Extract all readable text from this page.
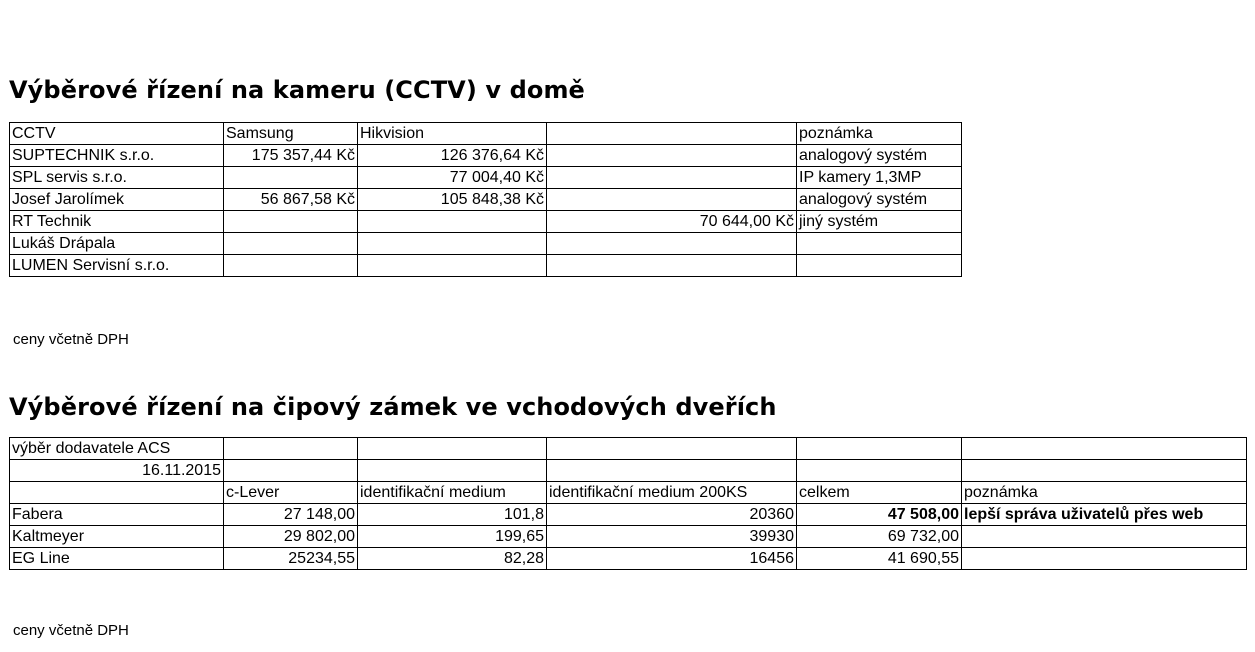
Výběrové řízení na kameru (CCTV) v domě
CCTV	Samsung	Hikvision		poznámka
SUPTECHNIK s.r.o.	175 357,44 Kč	126 376,64 Kč		analogový systém
SPL servis s.r.o.		77 004,40 Kč		IP kamery 1,3MP
Josef Jarolímek	56 867,58 Kč	105 848,38 Kč		analogový systém
RT Technik			70 644,00 Kč	jiný systém
Lukáš Drápala				
LUMEN Servisní s.r.o.				
ceny včetně DPH
Výběrové řízení na čipový zámek ve vchodových dveřích
výběr dodavatele ACS					
16.11.2015					
	c-Lever	identifikační medium	identifikační medium 200KS	celkem	poznámka
Fabera	27 148,00	101,8	20360	47 508,00	lepší správa uživatelů přes web
Kaltmeyer	29 802,00	199,65	39930	69 732,00	
EG Line	25234,55	82,28	16456	41 690,55	
ceny včetně DPH
